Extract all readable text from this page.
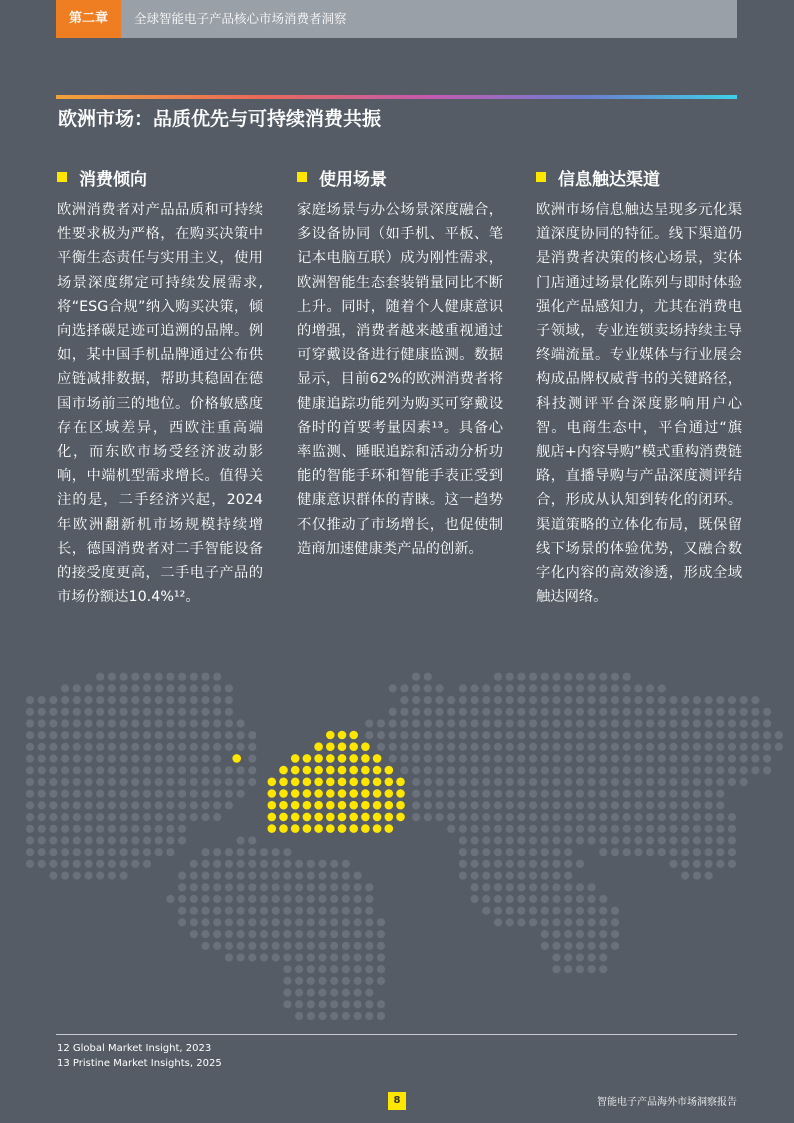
第二章	全球智能电子产品核心市场消费者洞察
欧洲市场：品质优先与可持续消费共振
消费倾向
欧洲消费者对产品品质和可持续性要求极为严格，在购买决策中平衡生态责任与实用主义，使用场景深度绑定可持续发展需求,将“ESG合规”纳入购买决策，倾向选择碳足迹可追溯的品牌。例如，某中国手机品牌通过公布供应链减排数据，帮助其稳固在德国市场前三的地位。价格敏感度存在区域差异，西欧注重高端化，而东欧市场受经济波动影响，中端机型需求增长。值得关注的是，二手经济兴起，2024年欧洲翻新机市场规模持续增长，德国消费者对二手智能设备的接受度更高，二手电子产品的市场份额达10.4%¹²。
使用场景
家庭场景与办公场景深度融合，多设备协同（如手机、平板、笔记本电脑互联）成为刚性需求，欧洲智能生态套装销量同比不断上升。同时，随着个人健康意识的增强，消费者越来越重视通过可穿戴设备进行健康监测。数据显示，目前62%的欧洲消费者将健康追踪功能列为购买可穿戴设备时的首要考量因素¹³。具备心率监测、睡眠追踪和活动分析功能的智能手环和智能手表正受到健康意识群体的青睐。这一趋势不仅推动了市场增长，也促使制造商加速健康类产品的创新。
信息触达渠道
欧洲市场信息触达呈现多元化渠道深度协同的特征。线下渠道仍是消费者决策的核心场景，实体门店通过场景化陈列与即时体验强化产品感知力，尤其在消费电子领域，专业连锁卖场持续主导终端流量。专业媒体与行业展会构成品牌权威背书的关键路径，科技测评平台深度影响用户心智。电商生态中，平台通过“旗舰店+内容导购”模式重构消费链路，直播导购与产品深度测评结合，形成从认知到转化的闭环。渠道策略的立体化布局，既保留线下场景的体验优势，又融合数字化内容的高效渗透，形成全域触达网络。
12 Global Market Insight, 2023
13 Pristine Market Insights, 2025
8	智能电子产品海外市场洞察报告
